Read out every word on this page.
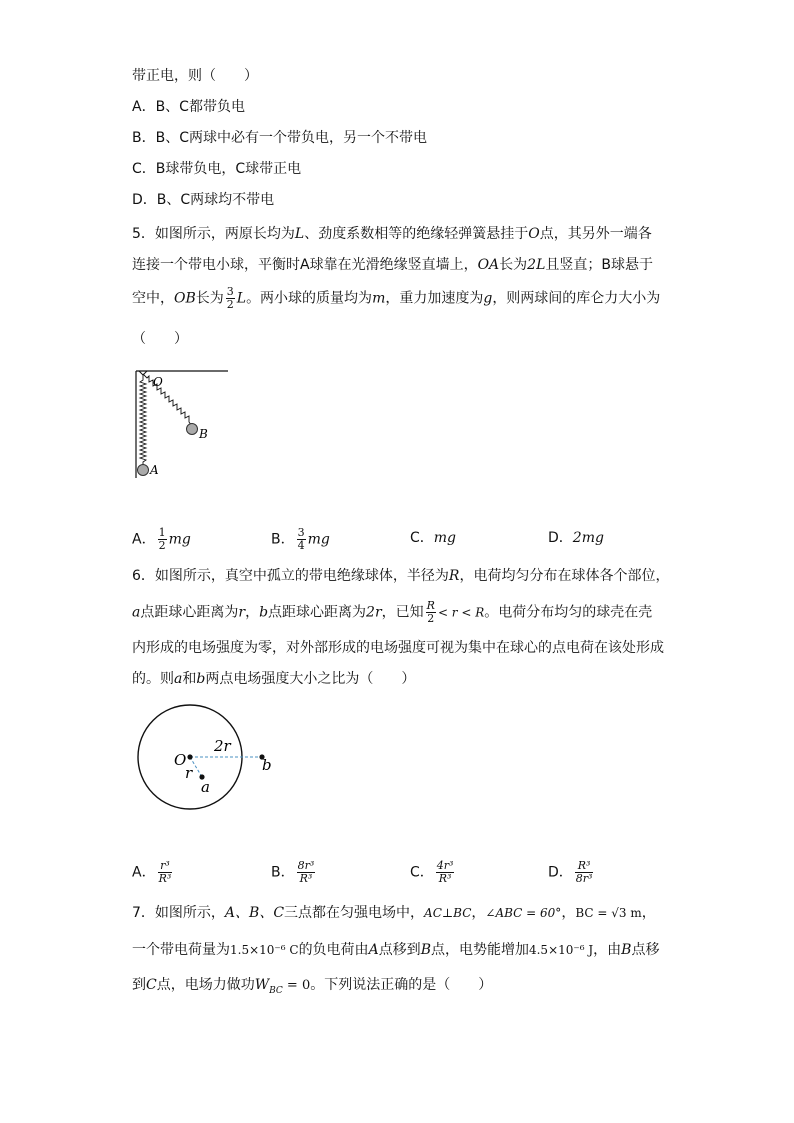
带正电，则（　　）
A．B、C都带负电
B．B、C两球中必有一个带负电，另一个不带电
C．B球带负电，C球带正电
D．B、C两球均不带电
5．如图所示，两原长均为L、劲度系数相等的绝缘轻弹簧悬挂于O点，其另外一端各
连接一个带电小球，平衡时A球靠在光滑绝缘竖直墙上，OA长为2L且竖直；B球悬于
空中，OB长为 $\frac{3}{2}$ L。两小球的质量均为m，重力加速度为g，则两球间的库仑力大小为
（　　）
O
A
B
A． $\frac{1}{2}$ mg	B． $\frac{3}{4}$ mg	C．mg	D．2mg
6．如图所示，真空中孤立的带电绝缘球体，半径为R，电荷均匀分布在球体各个部位，
a点距球心距离为r，b点距球心距离为2r，已知 $\frac{R}{2} < r < R$。电荷分布均匀的球壳在壳
内形成的电场强度为零，对外部形成的电场强度可视为集中在球心的点电荷在该处形成
的。则a和b两点电场强度大小之比为（　　）
O
2r
r
a
b
A． $\frac{\text{r³}}{\text{R³}}$	B． $\frac{\text{8r³}}{\text{R³}}$	C． $\frac{\text{4r³}}{\text{R³}}$	D． $\frac{\text{R³}}{\text{8r³}}$
7．如图所示，A、B、C三点都在匀强电场中，AC⊥BC，∠ABC = 60°，BC = √3 m，
一个带电荷量为1.5×10⁻⁶ C的负电荷由A点移到B点，电势能增加4.5×10⁻⁶ J，由B点移
到C点，电场力做功$W_{BC} = 0$。下列说法正确的是（　　）
